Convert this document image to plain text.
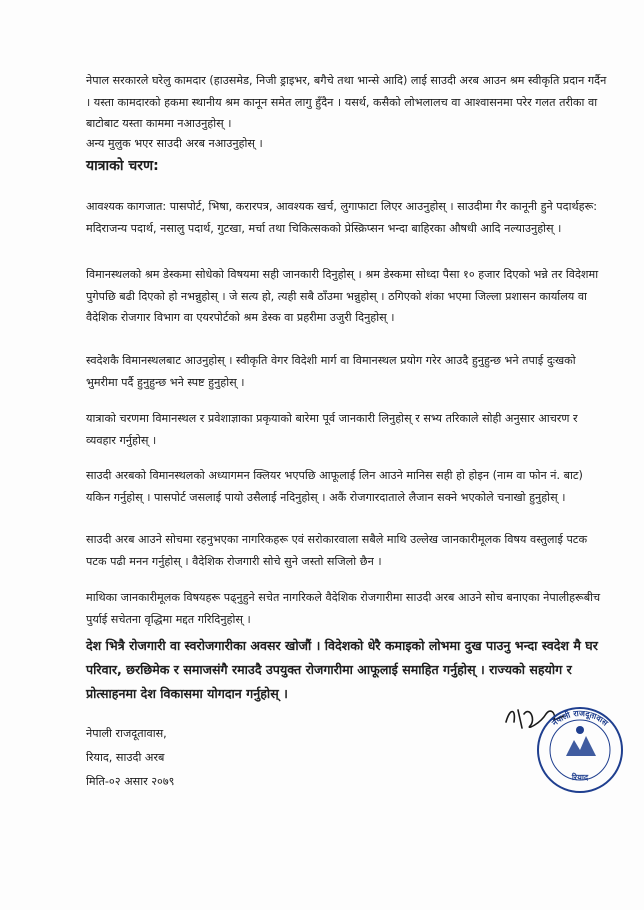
नेपाल सरकारले घरेलु कामदार (हाउसमेड, निजी ड्राइभर, बगैचे तथा भान्से आदि) लाई साउदी अरब आउन श्रम स्वीकृति प्रदान गर्दैन । यस्ता कामदारको हकमा स्थानीय श्रम कानून समेत लागु हुँदैन । यसर्थ, कसैको लोभलालच वा आश्वासनमा परेर गलत तरीका वा बाटोबाट यस्ता काममा नआउनुहोस् ।

अन्य मुलुक भएर साउदी अरब नआउनुहोस् ।

यात्राको चरण:

आवश्यक कागजात: पासपोर्ट, भिषा, करारपत्र, आवश्यक खर्च, लुगाफाटा लिएर आउनुहोस् । साउदीमा गैर कानूनी हुने पदार्थहरू: मदिराजन्य पदार्थ, नसालु पदार्थ, गुटखा, मर्चा तथा चिकित्सकको प्रेस्क्रिप्सन भन्दा बाहिरका औषधी आदि नल्याउनुहोस् ।

विमानस्थलको श्रम डेस्कमा सोधेको विषयमा सही जानकारी दिनुहोस् । श्रम डेस्कमा सोध्दा पैसा १० हजार दिएको भन्ने तर विदेशमा पुगेपछि बढी दिएको हो नभन्नुहोस् । जे सत्य हो, त्यही सबै ठाँउमा भन्नुहोस् । ठगिएको शंका भएमा जिल्ला प्रशासन कार्यालय वा वैदेशिक रोजगार विभाग वा एयरपोर्टको श्रम डेस्क वा प्रहरीमा उजुरी दिनुहोस् ।

स्वदेशकै विमानस्थलबाट आउनुहोस् । स्वीकृति वेगर विदेशी मार्ग वा विमानस्थल प्रयोग गरेर आउदै हुनुहुन्छ भने तपाई दुःखको भुमरीमा पर्दै हुनुहुन्छ भने स्पष्ट हुनुहोस् ।

यात्राको चरणमा विमानस्थल र प्रवेशाज्ञाका प्रकृयाको बारेमा पूर्व जानकारी लिनुहोस् र सभ्य तरिकाले सोही अनुसार आचरण र व्यवहार गर्नुहोस् ।

साउदी अरबको विमानस्थलको अध्यागमन क्लियर भएपछि आफूलाई लिन आउने मानिस सही हो होइन (नाम वा फोन नं. बाट) यकिन गर्नुहोस् । पासपोर्ट जसलाई पायो उसैलाई नदिनुहोस् । अकैं रोजगारदाताले लैजान सक्ने भएकोले चनाखो हुनुहोस् ।

साउदी अरब आउने सोचमा रहनुभएका नागरिकहरू एवं सरोकारवाला सबैले माथि उल्लेख जानकारीमूलक विषय वस्तुलाई पटक पटक पढी मनन गर्नुहोस् । वैदेशिक रोजगारी सोचे सुने जस्तो सजिलो छैन ।

माथिका जानकारीमूलक विषयहरू पढ्नुहुने सचेत नागरिकले वैदेशिक रोजगारीमा साउदी अरब आउने सोच बनाएका नेपालीहरूबीच पुर्याई सचेतना वृद्धिमा मद्दत गरिदिनुहोस् ।

देश भित्रै रोजगारी वा स्वरोजगारीका अवसर खोजौं । विदेशको धेरै कमाइको लोभमा दुख पाउनु भन्दा स्वदेश मै घर परिवार, छरछिमेक र समाजसंगै रमाउदै उपयुक्त रोजगारीमा आफूलाई समाहित गर्नुहोस् । राज्यको सहयोग र प्रोत्साहनमा देश विकासमा योगदान गर्नुहोस् ।

नेपाली राजदूतावास,
रियाद, साउदी अरब
मिति-०२ असार २०७९
नेपाली राजदूतावास
रियाद
